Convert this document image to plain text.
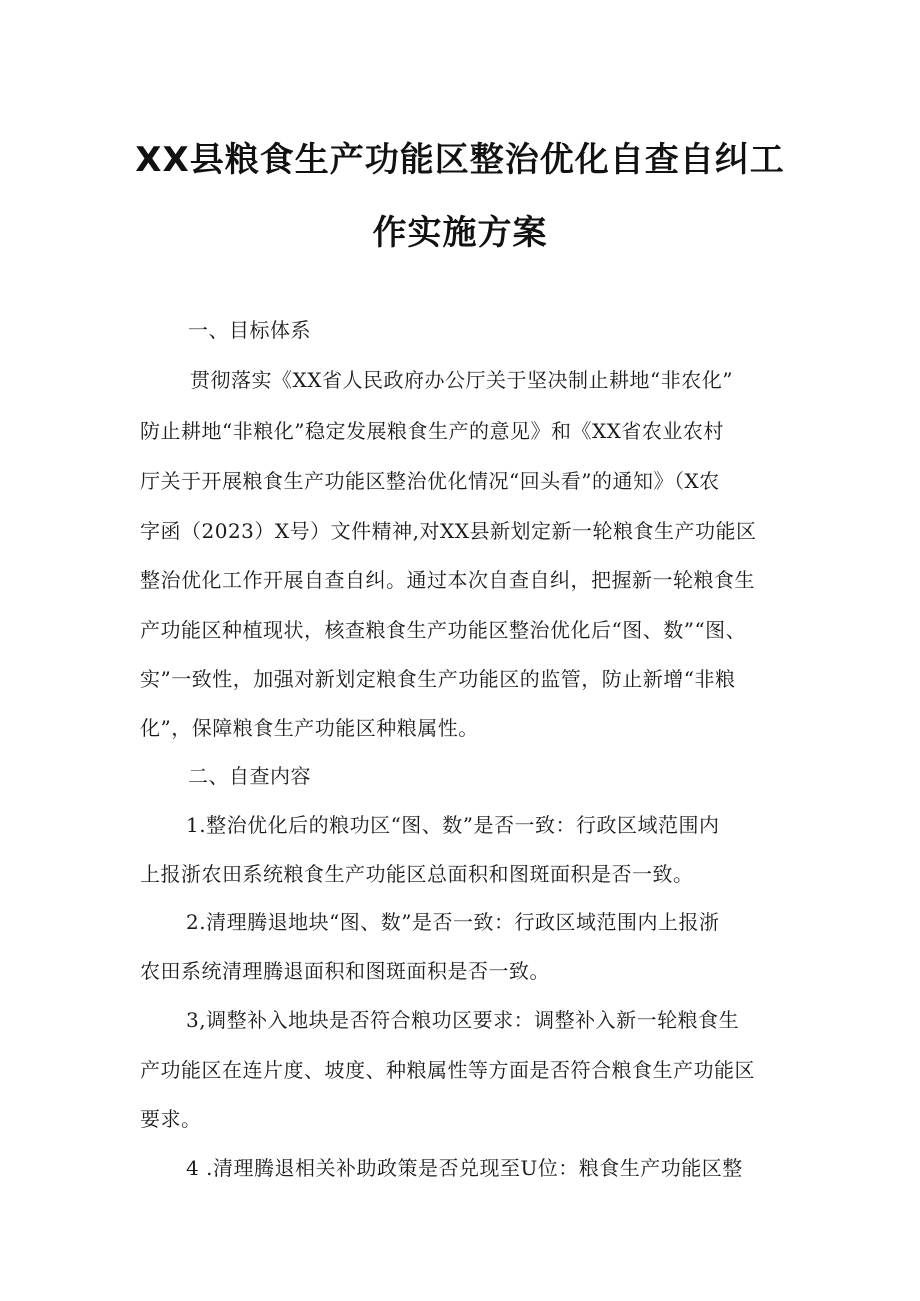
XX县粮食生产功能区整治优化自查自纠工
作实施方案
一、目标体系
贯彻落实《XX省人民政府办公厅关于坚决制止耕地“非农化”
防止耕地“非粮化”稳定发展粮食生产的意见》和《XX省农业农村
厅关于开展粮食生产功能区整治优化情况“回头看”的通知》（X农
字函（2023）X号）文件精神,对XX县新划定新一轮粮食生产功能区
整治优化工作开展自查自纠。通过本次自查自纠，把握新一轮粮食生
产功能区种植现状，核查粮食生产功能区整治优化后“图、数”“图、
实”一致性，加强对新划定粮食生产功能区的监管，防止新增“非粮
化”，保障粮食生产功能区种粮属性。
二、自查内容
1.整治优化后的粮功区“图、数”是否一致：行政区域范围内
上报浙农田系统粮食生产功能区总面积和图斑面积是否一致。
2.清理腾退地块“图、数”是否一致：行政区域范围内上报浙
农田系统清理腾退面积和图斑面积是否一致。
3,调整补入地块是否符合粮功区要求：调整补入新一轮粮食生
产功能区在连片度、坡度、种粮属性等方面是否符合粮食生产功能区
要求。
4 .清理腾退相关补助政策是否兑现至U位：粮食生产功能区整
